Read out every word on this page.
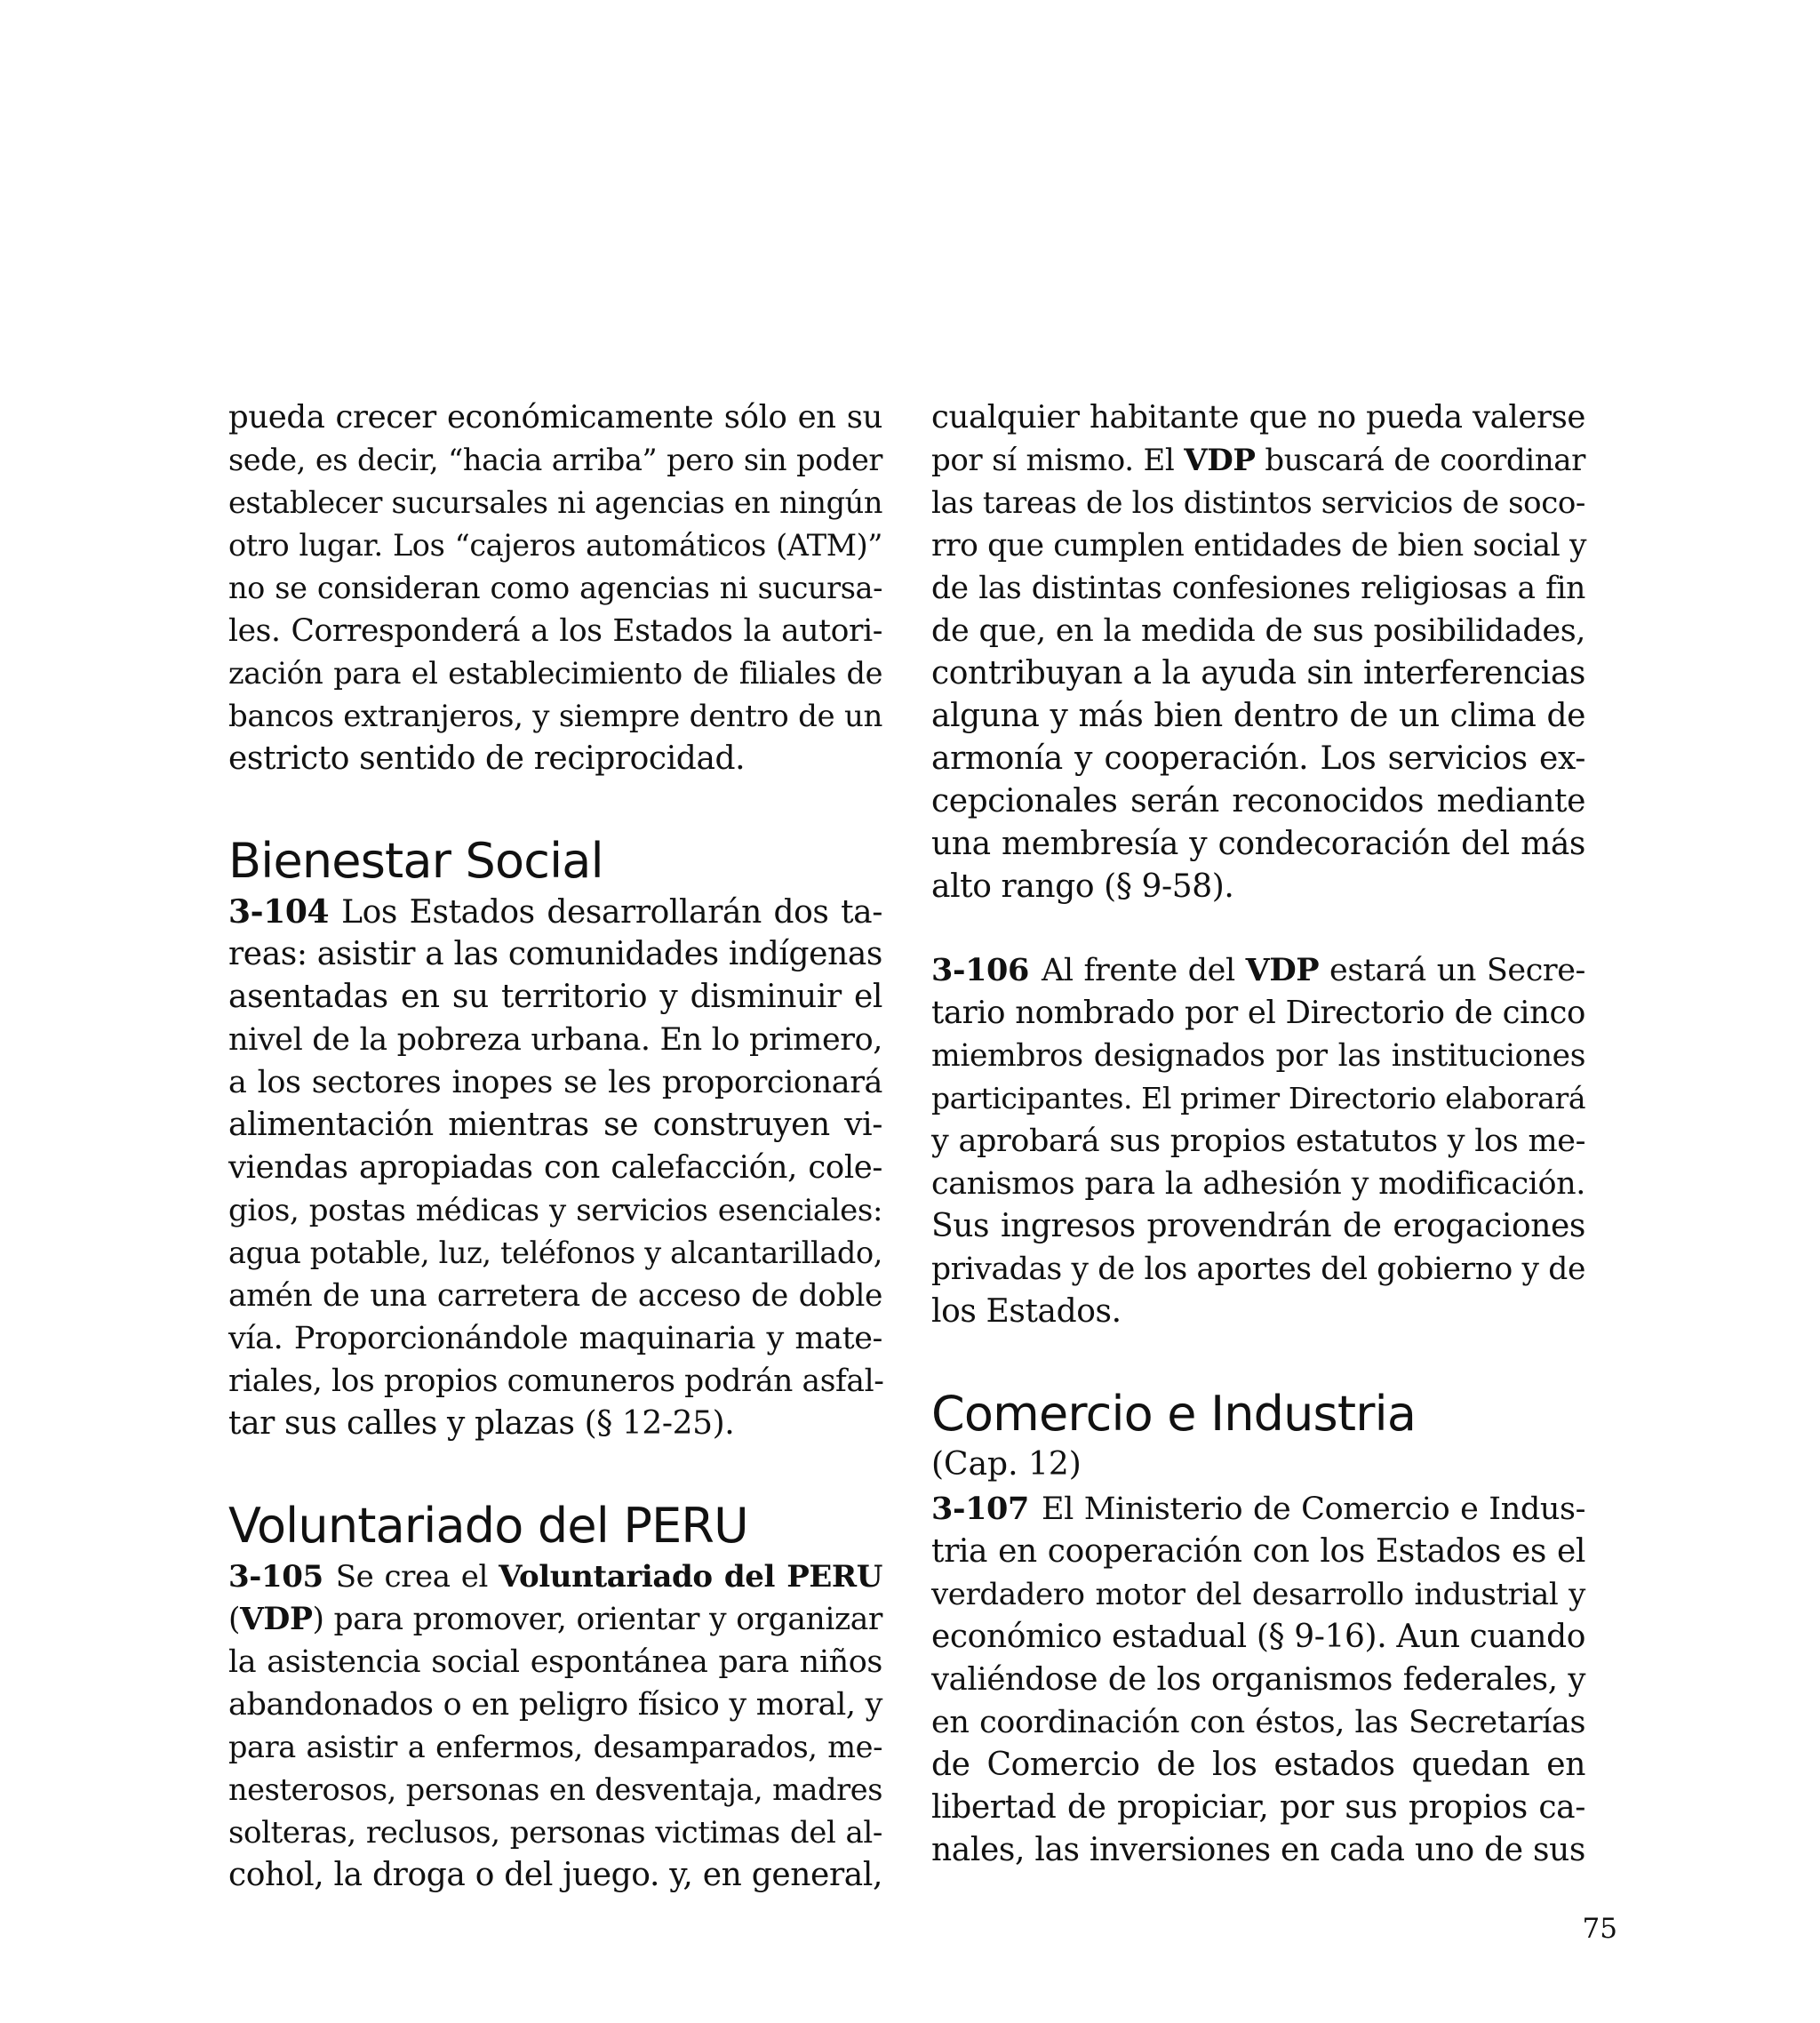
pueda crecer económicamente sólo en su
sede, es decir, “hacia arriba” pero sin poder
establecer sucursales ni agencias en ningún
otro lugar. Los “cajeros automáticos (ATM)”
no se consideran como agencias ni sucursa-
les. Corresponderá a los Estados la autori-
zación para el establecimiento de filiales de
bancos extranjeros, y siempre dentro de un
estricto sentido de reciprocidad.
Bienestar Social
3-104 Los Estados desarrollarán dos ta-
reas: asistir a las comunidades indígenas
asentadas en su territorio y disminuir el
nivel de la pobreza urbana. En lo primero,
a los sectores inopes se les proporcionará
alimentación mientras se construyen vi-
viendas apropiadas con calefacción, cole-
gios, postas médicas y servicios esenciales:
agua potable, luz, teléfonos y alcantarillado,
amén de una carretera de acceso de doble
vía. Proporcionándole maquinaria y mate-
riales, los propios comuneros podrán asfal-
tar sus calles y plazas (§ 12-25).
Voluntariado del PERU
3-105 Se crea el Voluntariado del PERU
(VDP) para promover, orientar y organizar
la asistencia social espontánea para niños
abandonados o en peligro físico y moral, y
para asistir a enfermos, desamparados, me-
nesterosos, personas en desventaja, madres
solteras, reclusos, personas victimas del al-
cohol, la droga o del juego. y, en general,
cualquier habitante que no pueda valerse
por sí mismo. El VDP buscará de coordinar
las tareas de los distintos servicios de soco-
rro que cumplen entidades de bien social y
de las distintas confesiones religiosas a fin
de que, en la medida de sus posibilidades,
contribuyan a la ayuda sin interferencias
alguna y más bien dentro de un clima de
armonía y cooperación. Los servicios ex-
cepcionales serán reconocidos mediante
una membresía y condecoración del más
alto rango (§ 9-58).
3-106 Al frente del VDP estará un Secre-
tario nombrado por el Directorio de cinco
miembros designados por las instituciones
participantes. El primer Directorio elaborará
y aprobará sus propios estatutos y los me-
canismos para la adhesión y modificación.
Sus ingresos provendrán de erogaciones
privadas y de los aportes del gobierno y de
los Estados.
Comercio e Industria
(Cap. 12)
3-107 El Ministerio de Comercio e Indus-
tria en cooperación con los Estados es el
verdadero motor del desarrollo industrial y
económico estadual (§ 9-16). Aun cuando
valiéndose de los organismos federales, y
en coordinación con éstos, las Secretarías
de Comercio de los estados quedan en
libertad de propiciar, por sus propios ca-
nales, las inversiones en cada uno de sus
75
